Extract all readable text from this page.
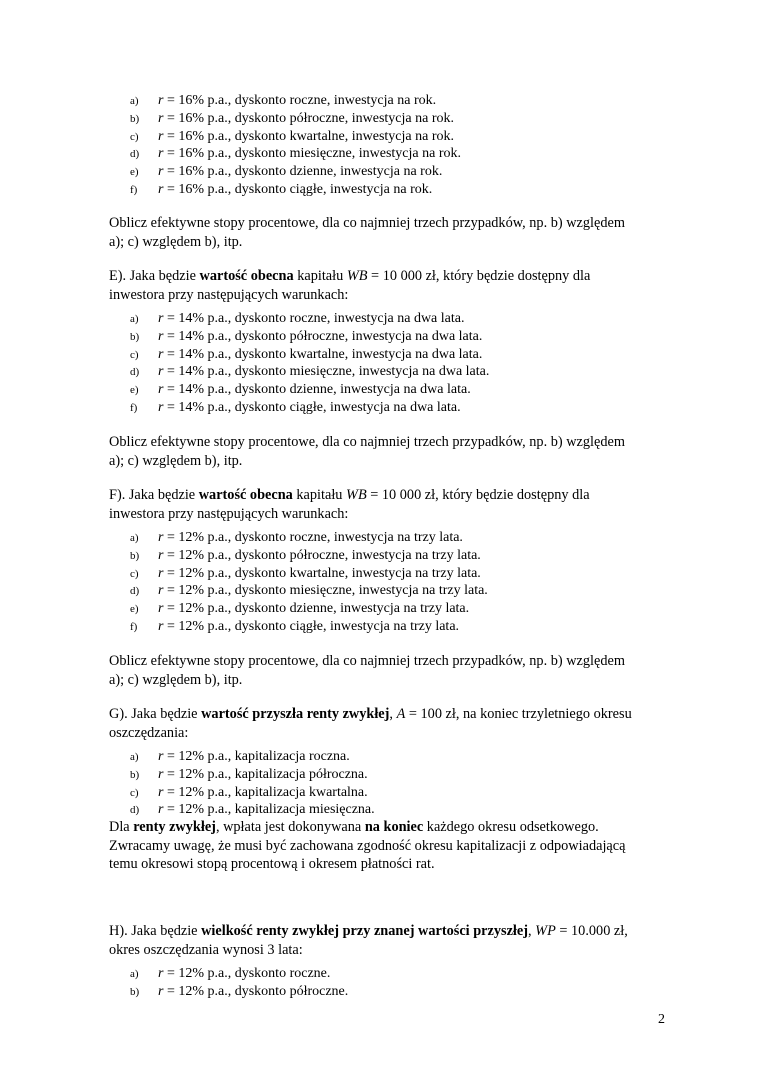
a) r = 16% p.a., dyskonto roczne, inwestycja na rok.
b) r = 16% p.a., dyskonto półroczne, inwestycja na rok.
c) r = 16% p.a., dyskonto kwartalne, inwestycja na rok.
d) r = 16% p.a., dyskonto miesięczne, inwestycja na rok.
e) r = 16% p.a., dyskonto dzienne, inwestycja na rok.
f) r = 16% p.a., dyskonto ciągłe, inwestycja na rok.

Oblicz efektywne stopy procentowe, dla co najmniej trzech przypadków, np. b) względem
a); c) względem b), itp.

E). Jaka będzie wartość obecna kapitału WB = 10 000 zł, który będzie dostępny dla
inwestora przy następujących warunkach:

a) r = 14% p.a., dyskonto roczne, inwestycja na dwa lata.
b) r = 14% p.a., dyskonto półroczne, inwestycja na dwa lata.
c) r = 14% p.a., dyskonto kwartalne, inwestycja na dwa lata.
d) r = 14% p.a., dyskonto miesięczne, inwestycja na dwa lata.
e) r = 14% p.a., dyskonto dzienne, inwestycja na dwa lata.
f) r = 14% p.a., dyskonto ciągłe, inwestycja na dwa lata.

Oblicz efektywne stopy procentowe, dla co najmniej trzech przypadków, np. b) względem
a); c) względem b), itp.

F). Jaka będzie wartość obecna kapitału WB = 10 000 zł, który będzie dostępny dla
inwestora przy następujących warunkach:

a) r = 12% p.a., dyskonto roczne, inwestycja na trzy lata.
b) r = 12% p.a., dyskonto półroczne, inwestycja na trzy lata.
c) r = 12% p.a., dyskonto kwartalne, inwestycja na trzy lata.
d) r = 12% p.a., dyskonto miesięczne, inwestycja na trzy lata.
e) r = 12% p.a., dyskonto dzienne, inwestycja na trzy lata.
f) r = 12% p.a., dyskonto ciągłe, inwestycja na trzy lata.

Oblicz efektywne stopy procentowe, dla co najmniej trzech przypadków, np. b) względem
a); c) względem b), itp.

G). Jaka będzie wartość przyszła renty zwykłej, A = 100 zł, na koniec trzyletniego okresu
oszczędzania:

a) r = 12% p.a., kapitalizacja roczna.
b) r = 12% p.a., kapitalizacja półroczna.
c) r = 12% p.a., kapitalizacja kwartalna.
d) r = 12% p.a., kapitalizacja miesięczna.

Dla renty zwykłej, wpłata jest dokonywana na koniec każdego okresu odsetkowego.
Zwracamy uwagę, że musi być zachowana zgodność okresu kapitalizacji z odpowiadającą
temu okresowi stopą procentową i okresem płatności rat.

H). Jaka będzie wielkość renty zwykłej przy znanej wartości przyszłej, WP = 10.000 zł,
okres oszczędzania wynosi 3 lata:

a) r = 12% p.a., dyskonto roczne.
b) r = 12% p.a., dyskonto półroczne.
2
